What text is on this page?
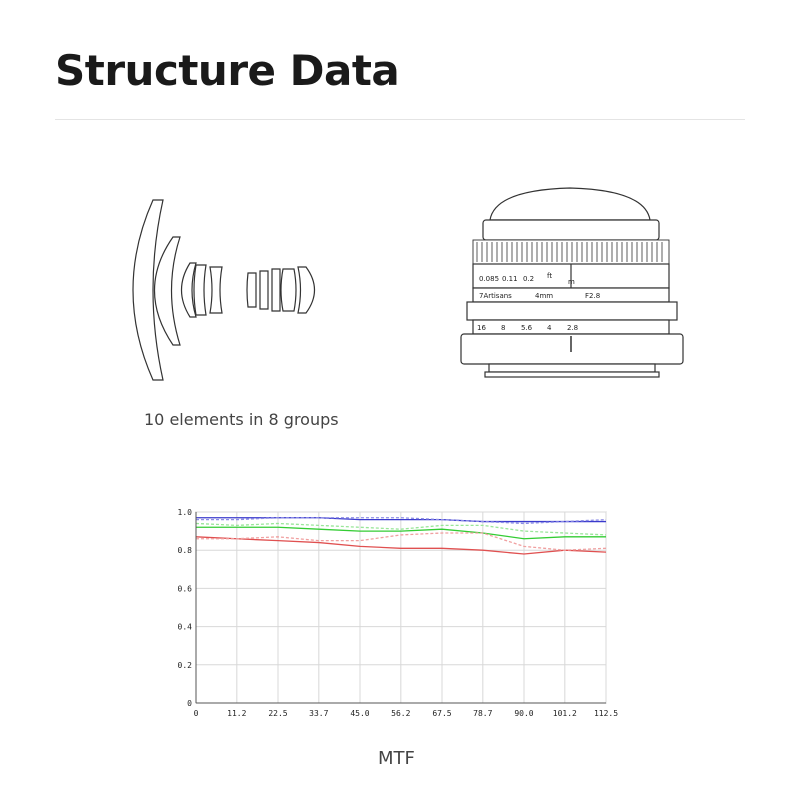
Structure Data
10 elements in 8 groups
0.085 0.11 0.2 ft
m
7Artisans	4mm	F2.8
16 8 5.6 4 2.8
0	11.2	22.5	33.7	45.0	56.2	67.5	78.7	90.0 101.2 112.5
0
0.2
0.4
0.6
0.8
1.0
MTF
